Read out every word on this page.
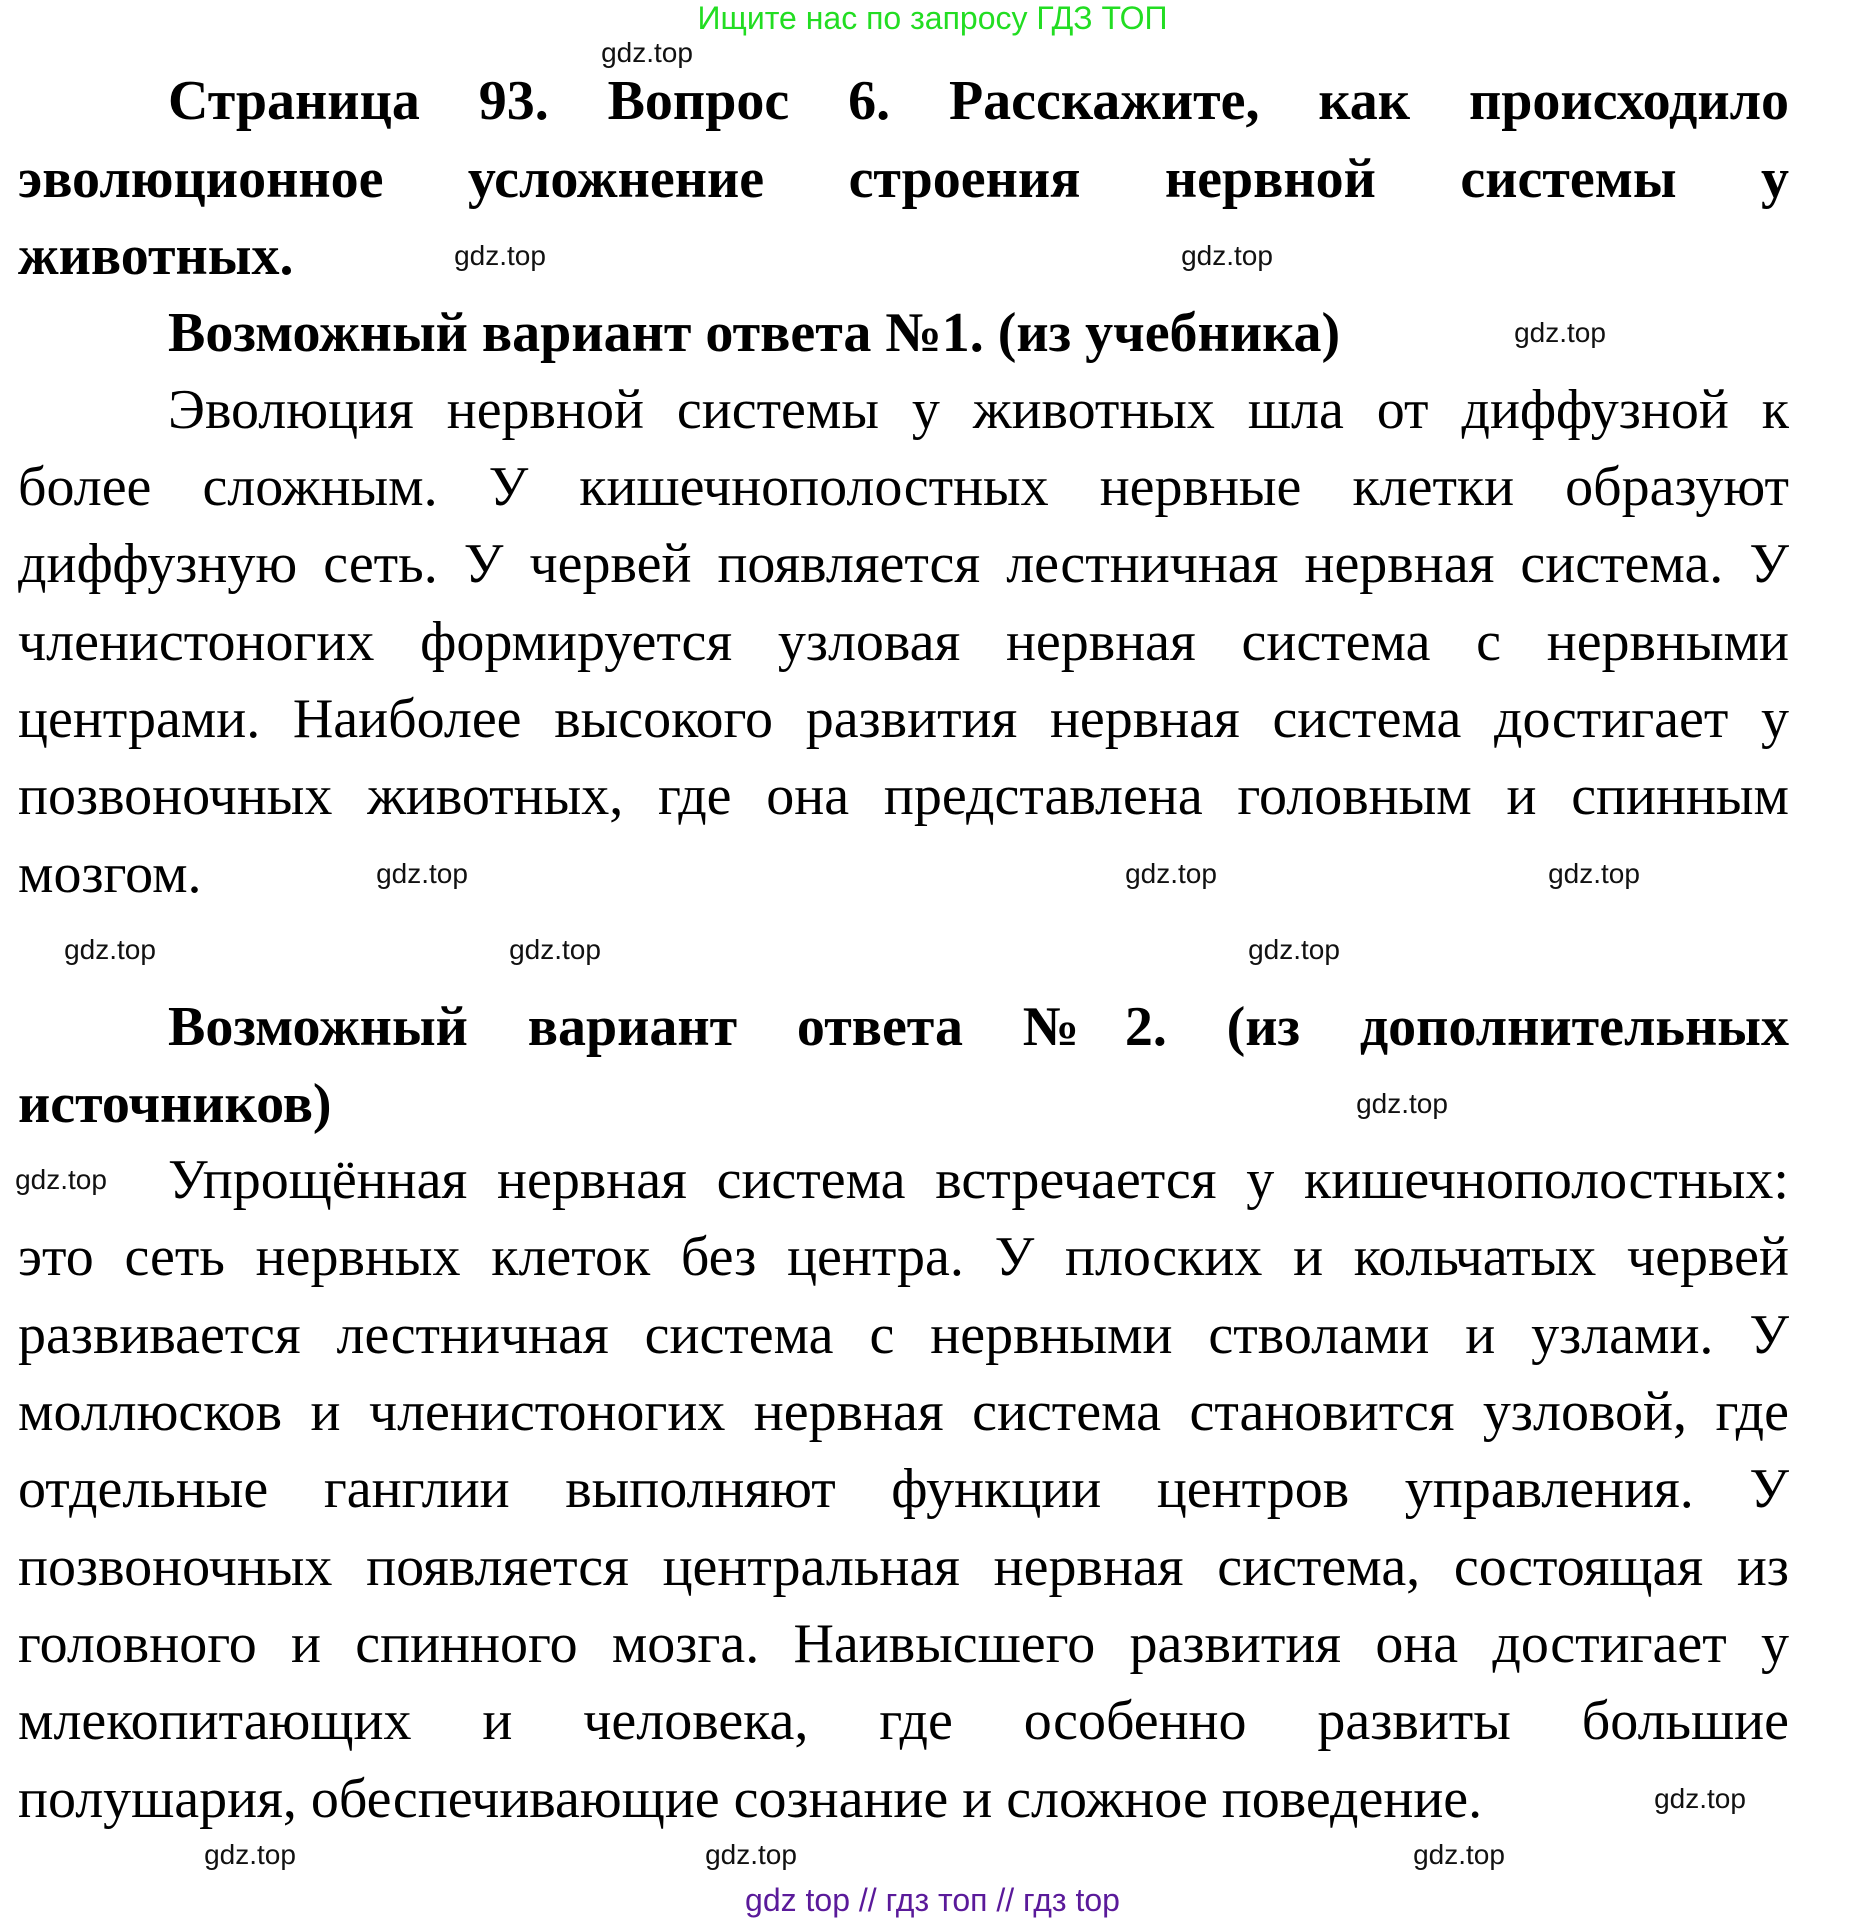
Ищите нас по запросу ГДЗ ТОП
Страница 93. Вопрос 6. Расскажите, как происходило
эволюционное усложнение строения нервной системы у
животных.
Возможный вариант ответа №1. (из учебника)
Эволюция нервной системы у животных шла от диффузной к
более сложным. У кишечнополостных нервные клетки образуют
диффузную сеть. У червей появляется лестничная нервная система. У
членистоногих формируется узловая нервная система с нервными
центрами. Наиболее высокого развития нервная система достигает у
позвоночных животных, где она представлена головным и спинным
мозгом.
Возможный вариант ответа №2. (из дополнительных
источников)
Упрощённая нервная система встречается у кишечнополостных:
это сеть нервных клеток без центра. У плоских и кольчатых червей
развивается лестничная система с нервными стволами и узлами. У
моллюсков и членистоногих нервная система становится узловой, где
отдельные ганглии выполняют функции центров управления. У
позвоночных появляется центральная нервная система, состоящая из
головного и спинного мозга. Наивысшего развития она достигает у
млекопитающих и человека, где особенно развиты большие
полушария, обеспечивающие сознание и сложное поведение.
gdz.top
gdz.top	gdz.top
gdz.top
gdz.top
gdz.top	gdz.top
gdz.top
gdz.top
gdz.top
gdz.top
gdz.top
gdz.top
gdz.top
gdz.top
gdz.top
gdz top // гдз топ // гдз top
